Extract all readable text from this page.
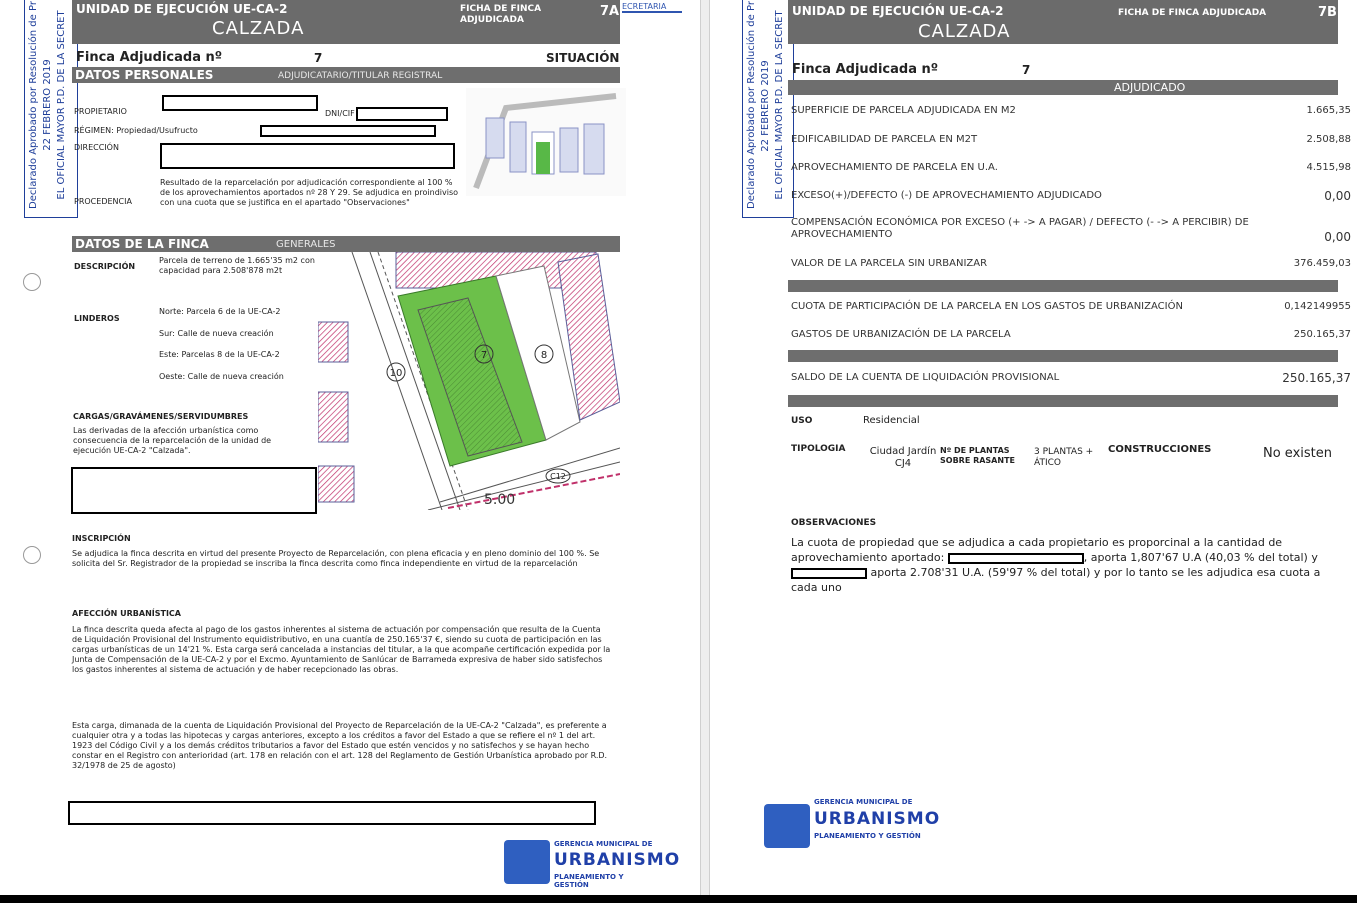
Declarado Aprobado por Resolución de Pr 22 FEBRERO 2019 EL OFICIAL MAYOR P.D. DE LA SECRET
UNIDAD DE EJECUCIÓN UE-CA-2
CALZADA
FICHA DE FINCA ADJUDICADA
7A ECRETARIA
Finca Adjudicada nº	7	SITUACIÓN
DATOS PERSONALES	ADJUDICATARIO/TITULAR REGISTRAL
PROPIETARIO	DNI/CIF
RÉGIMEN: Propiedad/Usufructo
DIRECCIÓN
PROCEDENCIA
Resultado de la reparcelación por adjudicación correspondiente al 100 % de los aprovechamientos aportados nº 28 Y 29. Se adjudica en proindiviso con una cuota que se justifica en el apartado "Observaciones"
DATOS DE LA FINCA	GENERALES
DESCRIPCIÓN
Parcela de terreno de 1.665'35 m2 con capacidad para 2.508'878 m2t
LINDEROS
Norte: Parcela 6 de la UE-CA-2
Sur: Calle de nueva creación
Este: Parcelas 8 de la UE-CA-2
Oeste: Calle de nueva creación
7	8
10
5.00
C12
CARGAS/GRAVÁMENES/SERVIDUMBRES
Las derivadas de la afección urbanística como consecuencia de la reparcelación de la unidad de ejecución UE-CA-2 "Calzada".
INSCRIPCIÓN
Se adjudica la finca descrita en virtud del presente Proyecto de Reparcelación, con plena eficacia y en pleno dominio del 100 %. Se solicita del Sr. Registrador de la propiedad se inscriba la finca descrita como finca independiente en virtud de la reparcelación
AFECCIÓN URBANÍSTICA
La finca descrita queda afecta al pago de los gastos inherentes al sistema de actuación por compensación que resulta de la Cuenta de Liquidación Provisional del Instrumento equidistributivo, en una cuantía de 250.165'37 €, siendo su cuota de participación en las cargas urbanísticas de un 14'21 %. Esta carga será cancelada a instancias del titular, a la que acompañe certificación expedida por la Junta de Compensación de la UE-CA-2 y por el Excmo. Ayuntamiento de Sanlúcar de Barrameda expresiva de haber sido satisfechos los gastos inherentes al sistema de actuación y de haber recepcionado las obras.
Esta carga, dimanada de la cuenta de Liquidación Provisional del Proyecto de Reparcelación de la UE-CA-2 "Calzada", es preferente a cualquier otra y a todas las hipotecas y cargas anteriores, excepto a los créditos a favor del Estado a que se refiere el nº 1 del art. 1923 del Código Civil y a los demás créditos tributarios a favor del Estado que estén vencidos y no satisfechos y se hayan hecho constar en el Registro con anterioridad (art. 178 en relación con el art. 128 del Reglamento de Gestión Urbanística aprobado por R.D. 32/1978 de 25 de agosto)
GERENCIA MUNICIPAL DE
URBANISMO
PLANEAMIENTO Y GESTIÓN
Declarado Aprobado por Resolución de Pr 22 FEBRERO 2019 EL OFICIAL MAYOR P.D. DE LA SECRET UNIDAD DE EJECUCIÓN UE-CA-2
CALZADA
FICHA DE FINCA ADJUDICADA	7B
Finca Adjudicada nº	7
ADJUDICADO
SUPERFICIE DE PARCELA ADJUDICADA EN M2	1.665,35
EDIFICABILIDAD DE PARCELA EN M2T	2.508,88
APROVECHAMIENTO DE PARCELA EN U.A.	4.515,98
EXCESO(+)/DEFECTO (-) DE APROVECHAMIENTO ADJUDICADO	0,00
COMPENSACIÓN ECONÓMICA POR EXCESO (+ -> A PAGAR) / DEFECTO (- -> A PERCIBIR) DE APROVECHAMIENTO	0,00
VALOR DE LA PARCELA SIN URBANIZAR	376.459,03
CUOTA DE PARTICIPACIÓN DE LA PARCELA EN LOS GASTOS DE URBANIZACIÓN	0,142149955
GASTOS DE URBANIZACIÓN DE LA PARCELA	250.165,37
SALDO DE LA CUENTA DE LIQUIDACIÓN PROVISIONAL	250.165,37
USO	Residencial
TIPOLOGIA	Ciudad Jardín CJ4
Nº DE PLANTAS SOBRE RASANTE
3 PLANTAS + ÁTICO
CONSTRUCCIONES	No existen
OBSERVACIONES
La cuota de propiedad que se adjudica a cada propietario es proporcinal a la cantidad de aprovechamiento aportado:	, aporta 1,807'67 U.A (40,03 % del total) y  aporta 2.708'31 U.A. (59'97 % del total) y por lo tanto se les adjudica esa cuota a cada uno
GERENCIA MUNICIPAL DE
URBANISMO
PLANEAMIENTO Y GESTIÓN
